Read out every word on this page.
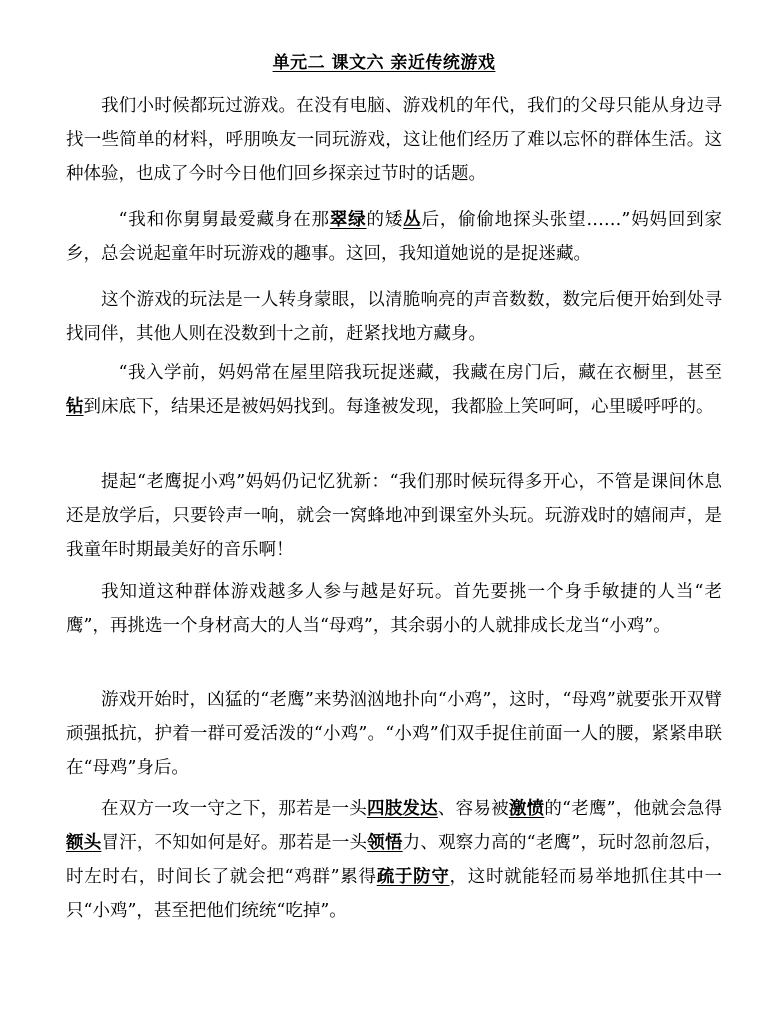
单元二 课文六 亲近传统游戏

我们小时候都玩过游戏。在没有电脑、游戏机的年代，我们的父母只能从身边寻找一些简单的材料，呼朋唤友一同玩游戏，这让他们经历了难以忘怀的群体生活。这种体验，也成了今时今日他们回乡探亲过节时的话题。

“我和你舅舅最爱藏身在那翠绿的矮丛后，偷偷地探头张望……”妈妈回到家乡，总会说起童年时玩游戏的趣事。这回，我知道她说的是捉迷藏。

这个游戏的玩法是一人转身蒙眼，以清脆响亮的声音数数，数完后便开始到处寻找同伴，其他人则在没数到十之前，赶紧找地方藏身。

“我入学前，妈妈常在屋里陪我玩捉迷藏，我藏在房门后，藏在衣橱里，甚至钻到床底下，结果还是被妈妈找到。每逢被发现，我都脸上笑呵呵，心里暖呼呼的。

提起“老鹰捉小鸡”妈妈仍记忆犹新：“我们那时候玩得多开心，不管是课间休息还是放学后，只要铃声一响，就会一窝蜂地冲到课室外头玩。玩游戏时的嬉闹声，是我童年时期最美好的音乐啊！

我知道这种群体游戏越多人参与越是好玩。首先要挑一个身手敏捷的人当“老鹰”，再挑选一个身材高大的人当“母鸡”，其余弱小的人就排成长龙当“小鸡”。

游戏开始时，凶猛的“老鹰”来势汹汹地扑向“小鸡”，这时，“母鸡”就要张开双臂顽强抵抗，护着一群可爱活泼的“小鸡”。“小鸡”们双手捉住前面一人的腰，紧紧串联在“母鸡”身后。

在双方一攻一守之下，那若是一头四肢发达、容易被激愤的“老鹰”，他就会急得额头冒汗，不知如何是好。那若是一头领悟力、观察力高的“老鹰”，玩时忽前忽后，时左时右，时间长了就会把“鸡群”累得疏于防守，这时就能轻而易举地抓住其中一只“小鸡”，甚至把他们统统“吃掉”。
